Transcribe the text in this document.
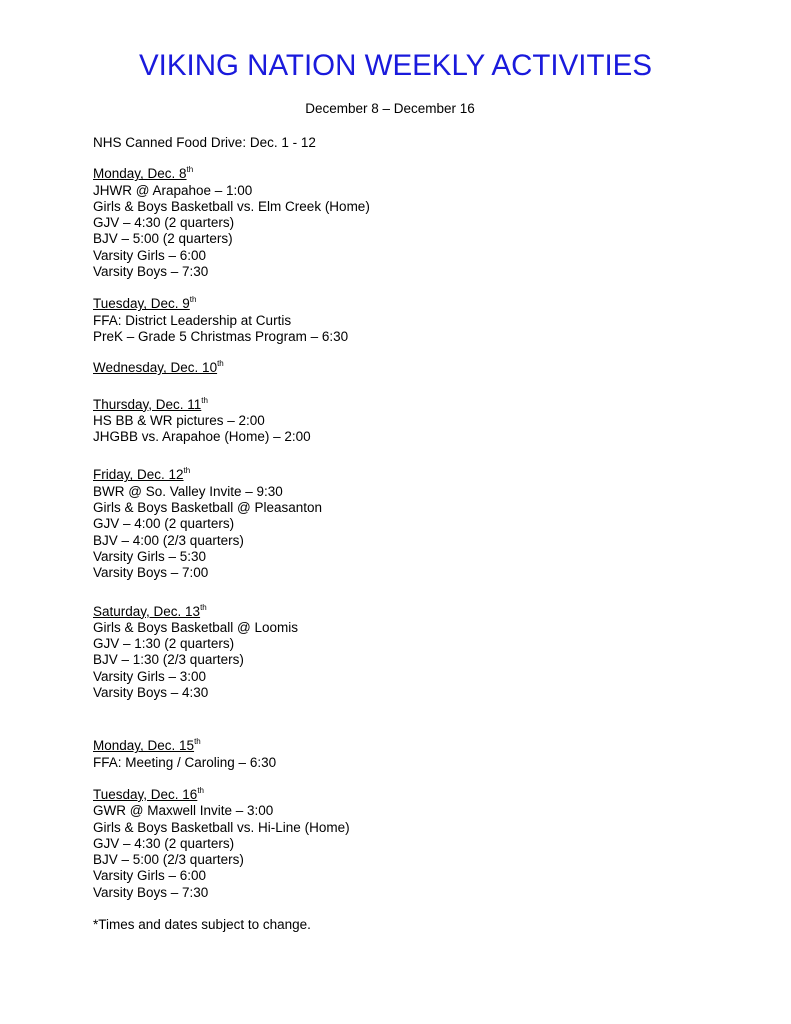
VIKING NATION WEEKLY ACTIVITIES
December 8 – December 16
NHS Canned Food Drive: Dec. 1 - 12
Monday, Dec. 8th
JHWR @ Arapahoe – 1:00
Girls & Boys Basketball vs. Elm Creek (Home)
GJV – 4:30 (2 quarters)
BJV – 5:00 (2 quarters)
Varsity Girls – 6:00
Varsity Boys – 7:30
Tuesday, Dec. 9th
FFA: District Leadership at Curtis
PreK – Grade 5 Christmas Program – 6:30
Wednesday, Dec. 10th
Thursday, Dec. 11th
HS BB & WR pictures – 2:00
JHGBB vs. Arapahoe (Home) – 2:00
Friday, Dec. 12th
BWR @ So. Valley Invite – 9:30
Girls & Boys Basketball @ Pleasanton
GJV – 4:00 (2 quarters)
BJV – 4:00 (2/3 quarters)
Varsity Girls – 5:30
Varsity Boys – 7:00
Saturday, Dec. 13th
Girls & Boys Basketball @ Loomis
GJV – 1:30 (2 quarters)
BJV – 1:30 (2/3 quarters)
Varsity Girls – 3:00
Varsity Boys – 4:30
Monday, Dec. 15th
FFA: Meeting / Caroling – 6:30
Tuesday, Dec. 16th
GWR @ Maxwell Invite – 3:00
Girls & Boys Basketball vs. Hi-Line (Home)
GJV – 4:30 (2 quarters)
BJV – 5:00 (2/3 quarters)
Varsity Girls – 6:00
Varsity Boys – 7:30
*Times and dates subject to change.
